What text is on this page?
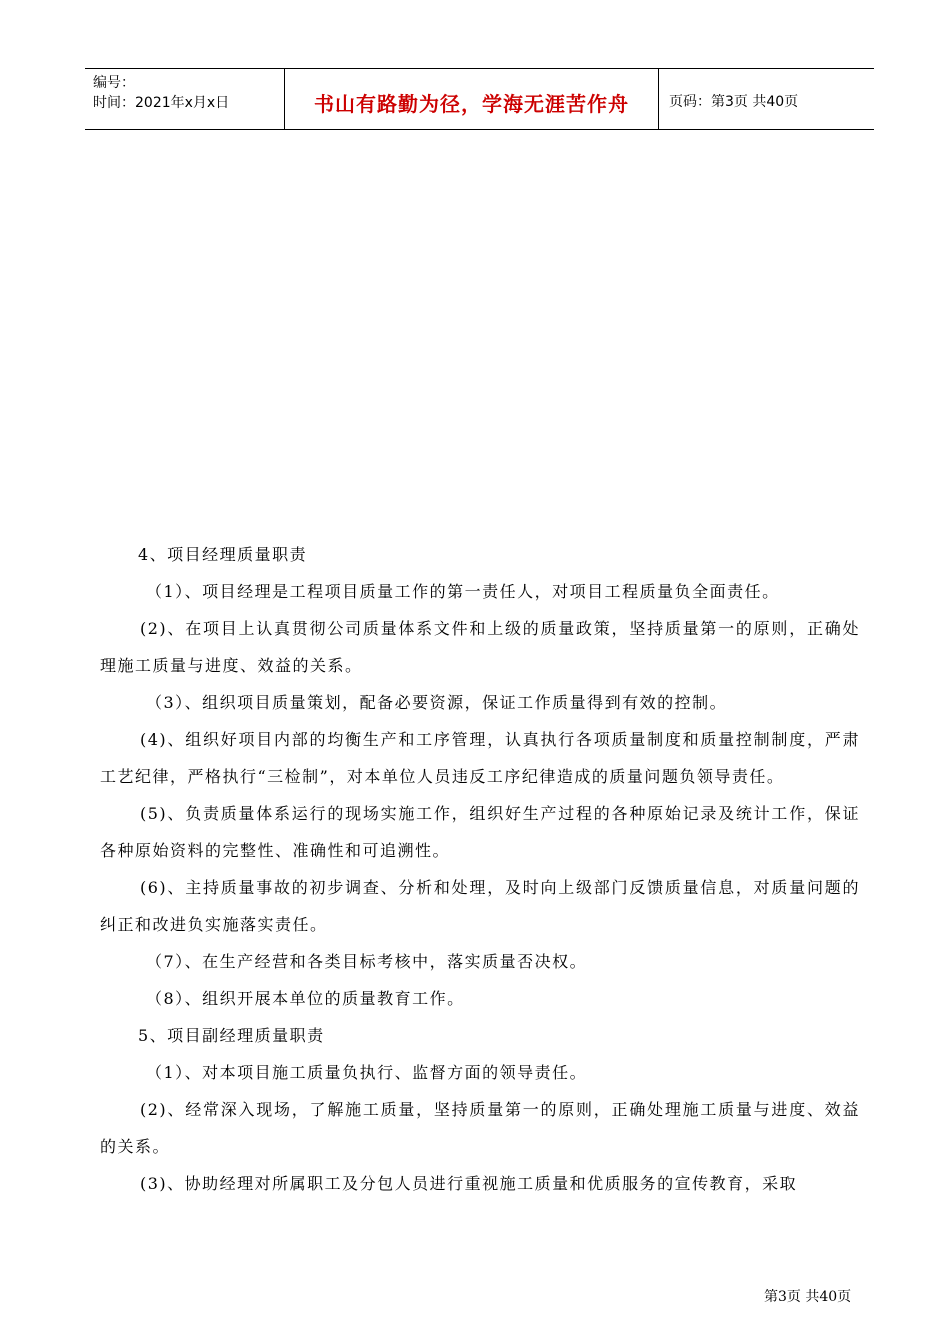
编号：
时间：2021年x月x日	书山有路勤为径，学海无涯苦作舟	页码：第3页 共40页

4、项目经理质量职责

（1）、项目经理是工程项目质量工作的第一责任人，对项目工程质量负全面责任。

(2)、在项目上认真贯彻公司质量体系文件和上级的质量政策，坚持质量第一的原则，正确处理施工质量与进度、效益的关系。

（3）、组织项目质量策划，配备必要资源，保证工作质量得到有效的控制。

(4)、组织好项目内部的均衡生产和工序管理，认真执行各项质量制度和质量控制制度，严肃工艺纪律，严格执行“三检制”，对本单位人员违反工序纪律造成的质量问题负领导责任。

(5)、负责质量体系运行的现场实施工作，组织好生产过程的各种原始记录及统计工作，保证各种原始资料的完整性、准确性和可追溯性。

(6)、主持质量事故的初步调查、分析和处理，及时向上级部门反馈质量信息，对质量问题的纠正和改进负实施落实责任。

（7）、在生产经营和各类目标考核中，落实质量否决权。

（8）、组织开展本单位的质量教育工作。

5、项目副经理质量职责

（1）、对本项目施工质量负执行、监督方面的领导责任。

(2)、经常深入现场，了解施工质量，坚持质量第一的原则，正确处理施工质量与进度、效益的关系。

(3)、协助经理对所属职工及分包人员进行重视施工质量和优质服务的宣传教育，采取

第3页 共40页
